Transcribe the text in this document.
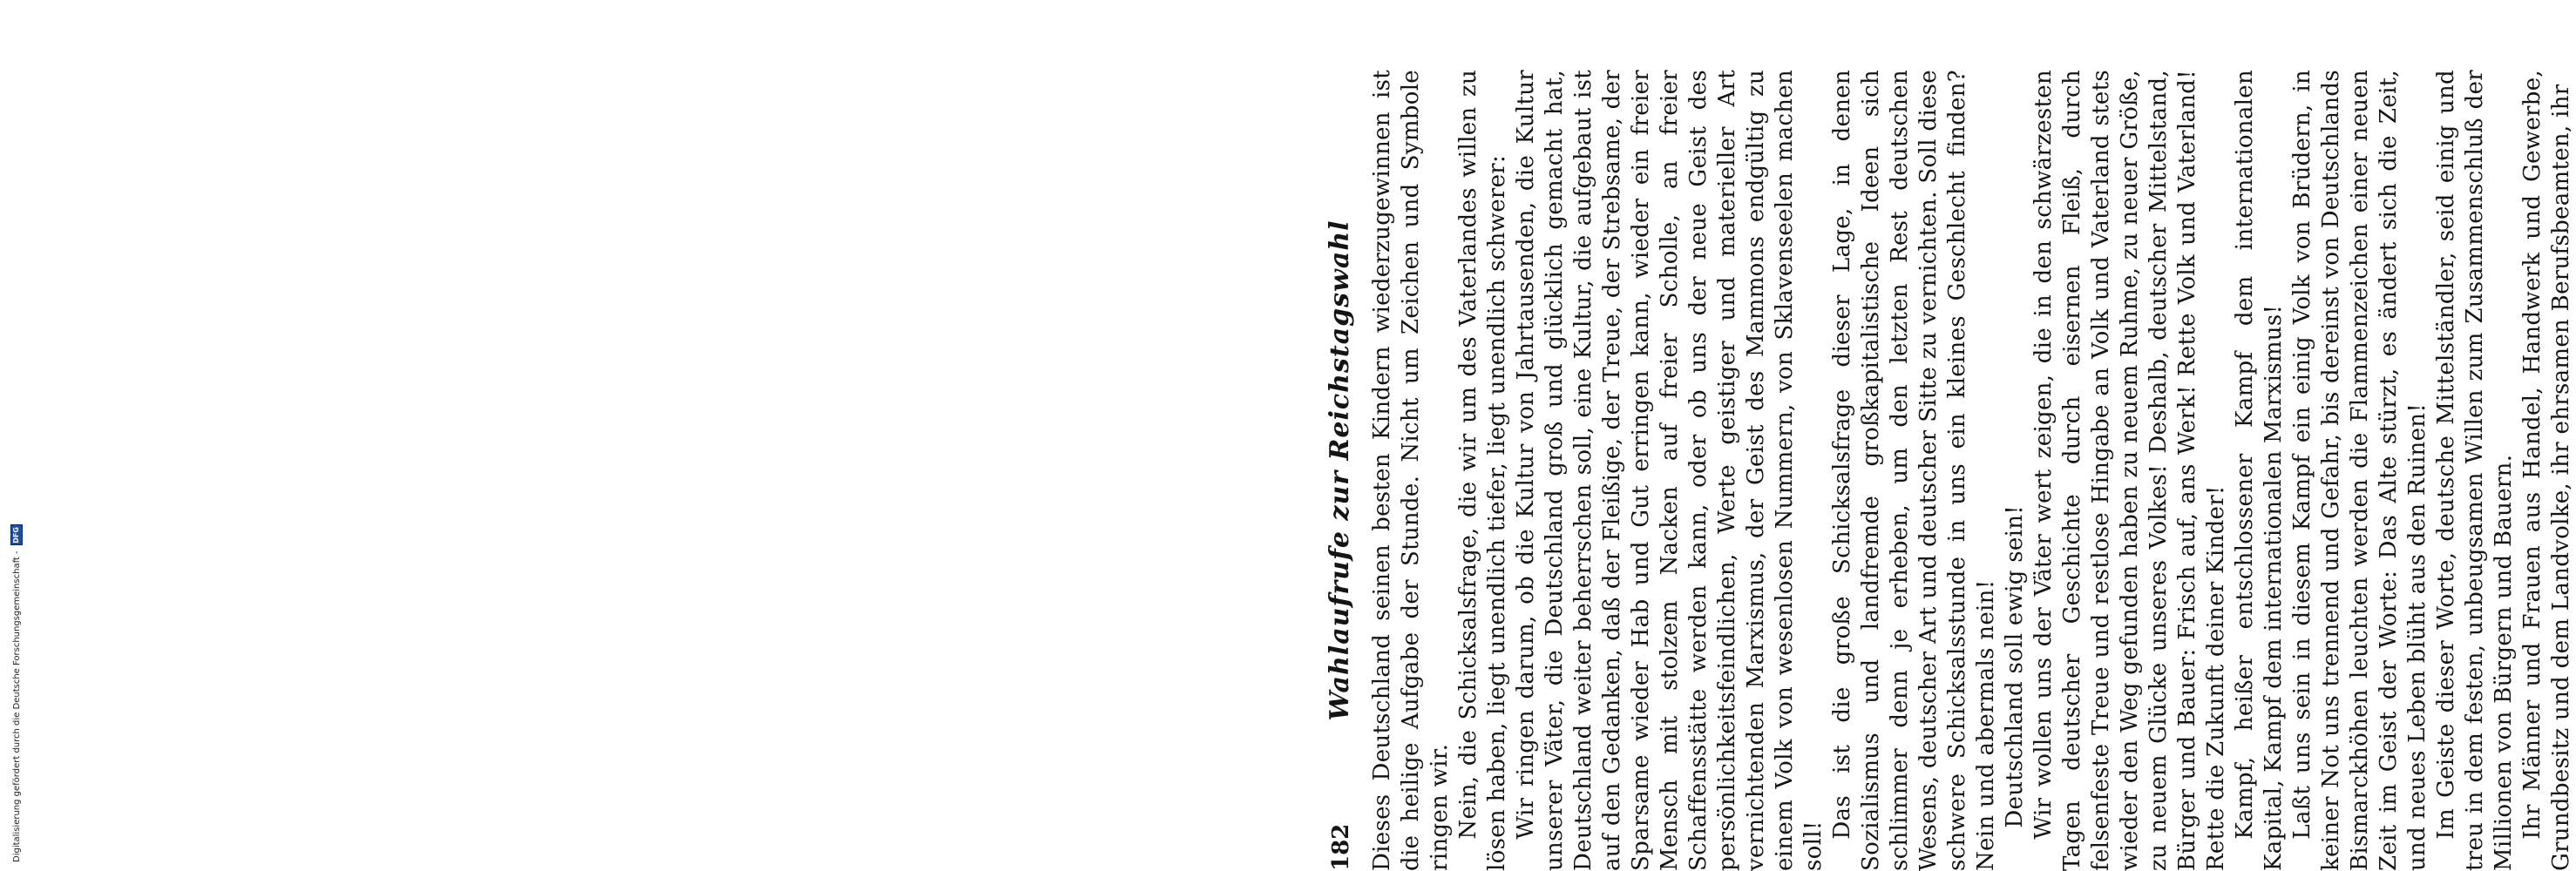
182
Wahlaufrufe zur Reichstagswahl Dieses Deutschland seinen besten Kindern wiederzugewinnen ist die heilige Aufgabe der Stunde. Nicht um Zeichen und Symbole ringen wir. Nein, die Schicksalsfrage, die wir um des Vaterlandes willen zu lösen haben, liegt unendlich tiefer, liegt unendlich schwerer: Wir ringen darum, ob die Kultur von Jahrtausenden, die Kultur unserer Väter, die Deutschland groß und glücklich gemacht hat, Deutschland weiter beherrschen soll, eine Kultur, die aufgebaut ist auf den Gedanken, daß der Fleißige, der Treue, der Strebsame, der Sparsame wieder Hab und Gut erringen kann, wieder ein freier Mensch mit stolzem Nacken auf freier Scholle, an freier Schaffensstätte werden kann, oder ob uns der neue Geist des persönlichkeitsfeindlichen, Werte geistiger und materieller Art vernichtenden Marxismus, der Geist des Mammons endgültig zu einem Volk von wesenlosen Nummern, von Sklavenseelen machen soll!

Das ist die große Schicksalsfrage dieser Lage, in denen Sozialismus und landfremde großkapitalistische Ideen sich schlimmer denn je erheben, um den letzten Rest deutschen Wesens, deutscher Art und deutscher Sitte zu vernichten. Soll diese schwere Schicksalsstunde in uns ein kleines Geschlecht finden? Nein und abermals nein! Deutschland soll ewig sein! Wir wollen uns der Väter wert zeigen, die in den schwärzesten Tagen deutscher Geschichte durch eisernen Fleiß, durch felsenfeste Treue und restlose Hingabe an Volk und Vaterland stets wieder den Weg gefunden haben zu neuem Ruhme, zu neuer Größe, zu neuem Glücke unseres Volkes! Deshalb, deutscher Mittelstand, Bürger und Bauer: Frisch auf, ans Werk! Rette Volk und Vaterland! Rette die Zukunft deiner Kinder! Kampf, heißer entschlossener Kampf dem internationalen Kapital, Kampf dem internationalen Marxismus! Laßt uns sein in diesem Kampf ein einig Volk von Brüdern, in keiner Not uns trennend und Gefahr, bis dereinst von Deutschlands Bismarckhöhen leuchten werden die Flammenzeichen einer neuen Zeit im Geist der Worte: Das Alte stürzt, es ändert sich die Zeit, und neues Leben blüht aus den Ruinen! Im Geiste dieser Worte, deutsche Mittelständler, seid einig und treu in dem festen, unbeugsamen Willen zum Zusammenschluß der Millionen von Bürgern und Bauern. Ihr Männer und Frauen aus Handel, Handwerk und Gewerbe, Grundbesitz und dem Landvolke, ihr ehrsamen Berufsbeamten, ihr

Digitalisierung gefördert durch die Deutsche Forschungsgemeinschaft -
DFG
